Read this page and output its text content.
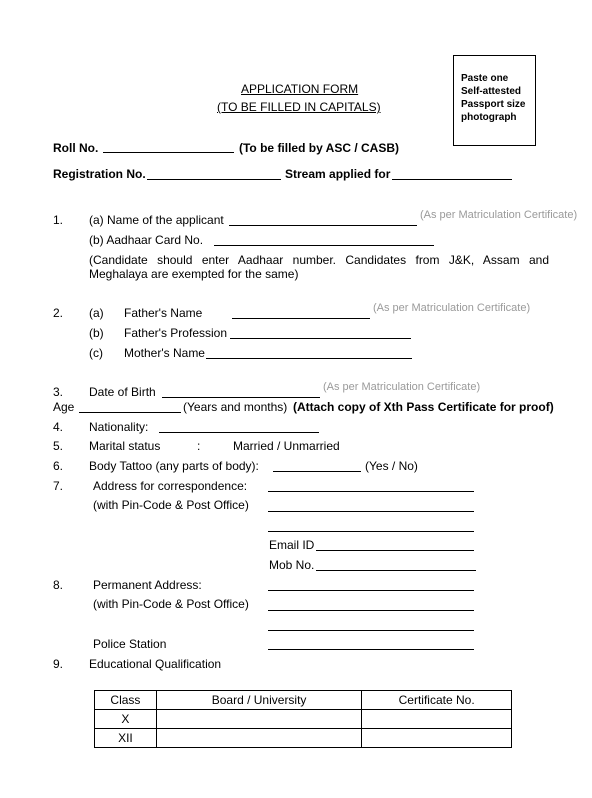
Paste one
Self-attested
Passport size
photograph
APPLICATION FORM
(TO BE FILLED IN CAPITALS)
Roll No.	(To be filled by ASC / CASB)
Registration No.	Stream applied for
1. (a) Name of the applicant	(As per Matriculation Certificate)
(b) Aadhaar Card No.
(Candidate should enter Aadhaar number. Candidates from J&K, Assam and
Meghalaya are exempted for the same)
2. (a) Father's Name	(As per Matriculation Certificate)
(b) Father's Profession
(c) Mother's Name
3. Date of Birth	(As per Matriculation Certificate)
Age	(Years and months) (Attach copy of Xth Pass Certificate for proof)
4. Nationality:
5. Marital status	:	Married / Unmarried
6. Body Tattoo (any parts of body):	(Yes / No)
7. Address for correspondence:
(with Pin-Code & Post Office)
Email ID
Mob No.
8. Permanent Address:
(with Pin-Code & Post Office)
Police Station
9. Educational Qualification
Class	Board / University	Certificate No.
X		
XII		
